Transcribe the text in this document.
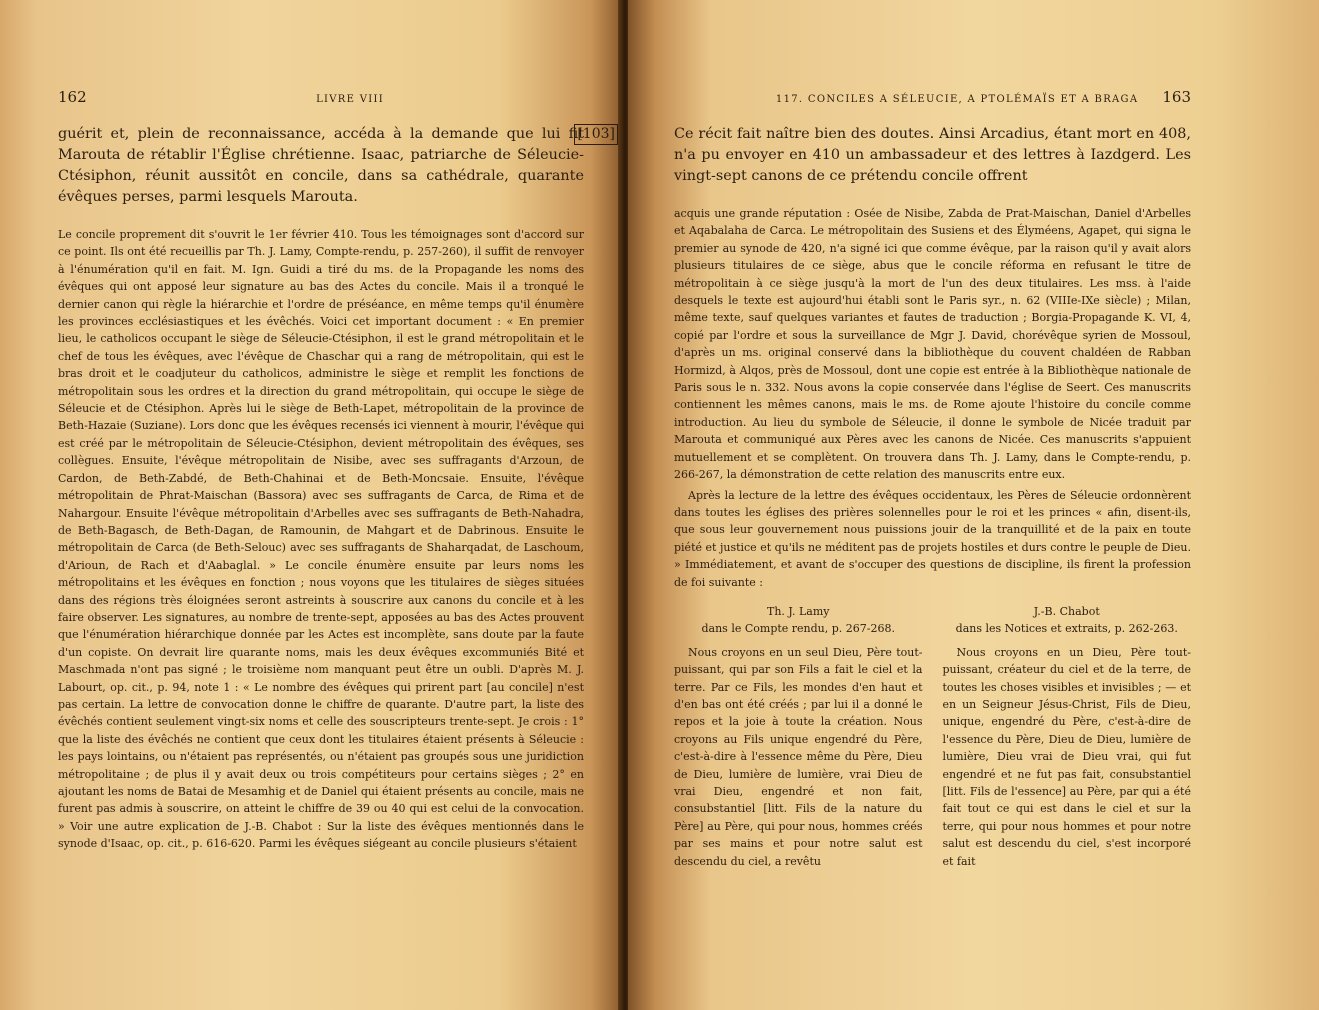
162	LIVRE VIII
[103]

guérit et, plein de reconnaissance, accéda à la demande que lui fit Marouta de rétablir l'Église chrétienne. Isaac, patriarche de Séleucie-Ctésiphon, réunit aussitôt en concile, dans sa cathédrale, quarante évêques perses, parmi lesquels Marouta.

Le concile proprement dit s'ouvrit le 1er février 410. Tous les témoignages sont d'accord sur ce point. Ils ont été recueillis par Th. J. Lamy, Compte-rendu, p. 257-260), il suffit de renvoyer à l'énumération qu'il en fait. M. Ign. Guidi a tiré du ms. de la Propagande les noms des évêques qui ont apposé leur signature au bas des Actes du concile. Mais il a tronqué le dernier canon qui règle la hiérarchie et l'ordre de préséance, en même temps qu'il énumère les provinces ecclésiastiques et les évêchés. Voici cet important document : « En premier lieu, le catholicos occupant le siège de Séleucie-Ctésiphon, il est le grand métropolitain et le chef de tous les évêques, avec l'évêque de Chaschar qui a rang de métropolitain, qui est le bras droit et le coadjuteur du catholicos, administre le siège et remplit les fonctions de métropolitain sous les ordres et la direction du grand métropolitain, qui occupe le siège de Séleucie et de Ctésiphon. Après lui le siège de Beth-Lapet, métropolitain de la province de Beth-Hazaie (Suziane). Lors donc que les évêques recensés ici viennent à mourir, l'évêque qui est créé par le métropolitain de Séleucie-Ctésiphon, devient métropolitain des évêques, ses collègues. Ensuite, l'évêque métropolitain de Nisibe, avec ses suffragants d'Arzoun, de Cardon, de Beth-Zabdé, de Beth-Chahinai et de Beth-Moncsaie. Ensuite, l'évêque métropolitain de Phrat-Maischan (Bassora) avec ses suffragants de Carca, de Rima et de Nahargour. Ensuite l'évêque métropolitain d'Arbelles avec ses suffragants de Beth-Nahadra, de Beth-Bagasch, de Beth-Dagan, de Ramounin, de Mahgart et de Dabrinous. Ensuite le métropolitain de Carca (de Beth-Selouc) avec ses suffragants de Shaharqadat, de Laschoum, d'Arioun, de Rach et d'Aabaglal. » Le concile énumère ensuite par leurs noms les métropolitains et les évêques en fonction ; nous voyons que les titulaires de sièges situées dans des régions très éloignées seront astreints à souscrire aux canons du concile et à les faire observer. Les signatures, au nombre de trente-sept, apposées au bas des Actes prouvent que l'énumération hiérarchique donnée par les Actes est incomplète, sans doute par la faute d'un copiste. On devrait lire quarante noms, mais les deux évêques excommuniés Bité et Maschmada n'ont pas signé ; le troisième nom manquant peut être un oubli. D'après M. J. Labourt, op. cit., p. 94, note 1 : « Le nombre des évêques qui prirent part [au concile] n'est pas certain. La lettre de convocation donne le chiffre de quarante. D'autre part, la liste des évêchés contient seulement vingt-six noms et celle des souscripteurs trente-sept. Je crois : 1° que la liste des évêchés ne contient que ceux dont les titulaires étaient présents à Séleucie : les pays lointains, ou n'étaient pas représentés, ou n'étaient pas groupés sous une juridiction métropolitaine ; de plus il y avait deux ou trois compétiteurs pour certains sièges ; 2° en ajoutant les noms de Batai de Mesamhig et de Daniel qui étaient présents au concile, mais ne furent pas admis à souscrire, on atteint le chiffre de 39 ou 40 qui est celui de la convocation. » Voir une autre explication de J.-B. Chabot : Sur la liste des évêques mentionnés dans le synode d'Isaac, op. cit., p. 616-620. Parmi les évêques siégeant au concile plusieurs s'étaient

117. CONCILES A SÉLEUCIE, A PTOLÉMAÏS ET A BRAGA 163

Ce récit fait naître bien des doutes. Ainsi Arcadius, étant mort en 408, n'a pu envoyer en 410 un ambassadeur et des lettres à Iazdgerd. Les vingt-sept canons de ce prétendu concile offrent

acquis une grande réputation : Osée de Nisibe, Zabda de Prat-Maischan, Daniel d'Arbelles et Aqabalaha de Carca. Le métropolitain des Susiens et des Élyméens, Agapet, qui signa le premier au synode de 420, n'a signé ici que comme évêque, par la raison qu'il y avait alors plusieurs titulaires de ce siège, abus que le concile réforma en refusant le titre de métropolitain à ce siège jusqu'à la mort de l'un des deux titulaires. Les mss. à l'aide desquels le texte est aujourd'hui établi sont le Paris syr., n. 62 (VIIIe-IXe siècle) ; Milan, même texte, sauf quelques variantes et fautes de traduction ; Borgia-Propagande K. VI, 4, copié par l'ordre et sous la surveillance de Mgr J. David, chorévêque syrien de Mossoul, d'après un ms. original conservé dans la bibliothèque du couvent chaldéen de Rabban Hormizd, à Alqos, près de Mossoul, dont une copie est entrée à la Bibliothèque nationale de Paris sous le n. 332. Nous avons la copie conservée dans l'église de Seert. Ces manuscrits contiennent les mêmes canons, mais le ms. de Rome ajoute l'histoire du concile comme introduction. Au lieu du symbole de Séleucie, il donne le symbole de Nicée traduit par Marouta et communiqué aux Pères avec les canons de Nicée. Ces manuscrits s'appuient mutuellement et se complètent. On trouvera dans Th. J. Lamy, dans le Compte-rendu, p. 266-267, la démonstration de cette relation des manuscrits entre eux.

Après la lecture de la lettre des évêques occidentaux, les Pères de Séleucie ordonnèrent dans toutes les églises des prières solennelles pour le roi et les princes « afin, disent-ils, que sous leur gouvernement nous puissions jouir de la tranquillité et de la paix en toute piété et justice et qu'ils ne méditent pas de projets hostiles et durs contre le peuple de Dieu. » Immédiatement, et avant de s'occuper des questions de discipline, ils firent la profession de foi suivante :

Th. J. Lamy
dans le Compte rendu, p. 267-268.

Nous croyons en un seul Dieu, Père tout-puissant, qui par son Fils a fait le ciel et la terre. Par ce Fils, les mondes d'en haut et d'en bas ont été créés ; par lui il a donné le repos et la joie à toute la création. Nous croyons au Fils unique engendré du Père, c'est-à-dire à l'essence même du Père, Dieu de Dieu, lumière de lumière, vrai Dieu de vrai Dieu, engendré et non fait, consubstantiel [litt. Fils de la nature du Père] au Père, qui pour nous, hommes créés par ses mains et pour notre salut est descendu du ciel, a revêtu

J.-B. Chabot
dans les Notices et extraits, p. 262-263.

Nous croyons en un Dieu, Père tout-puissant, créateur du ciel et de la terre, de toutes les choses visibles et invisibles ; — et en un Seigneur Jésus-Christ, Fils de Dieu, unique, engendré du Père, c'est-à-dire de l'essence du Père, Dieu de Dieu, lumière de lumière, Dieu vrai de Dieu vrai, qui fut engendré et ne fut pas fait, consubstantiel [litt. Fils de l'essence] au Père, par qui a été fait tout ce qui est dans le ciel et sur la terre, qui pour nous hommes et pour notre salut est descendu du ciel, s'est incorporé et fait
